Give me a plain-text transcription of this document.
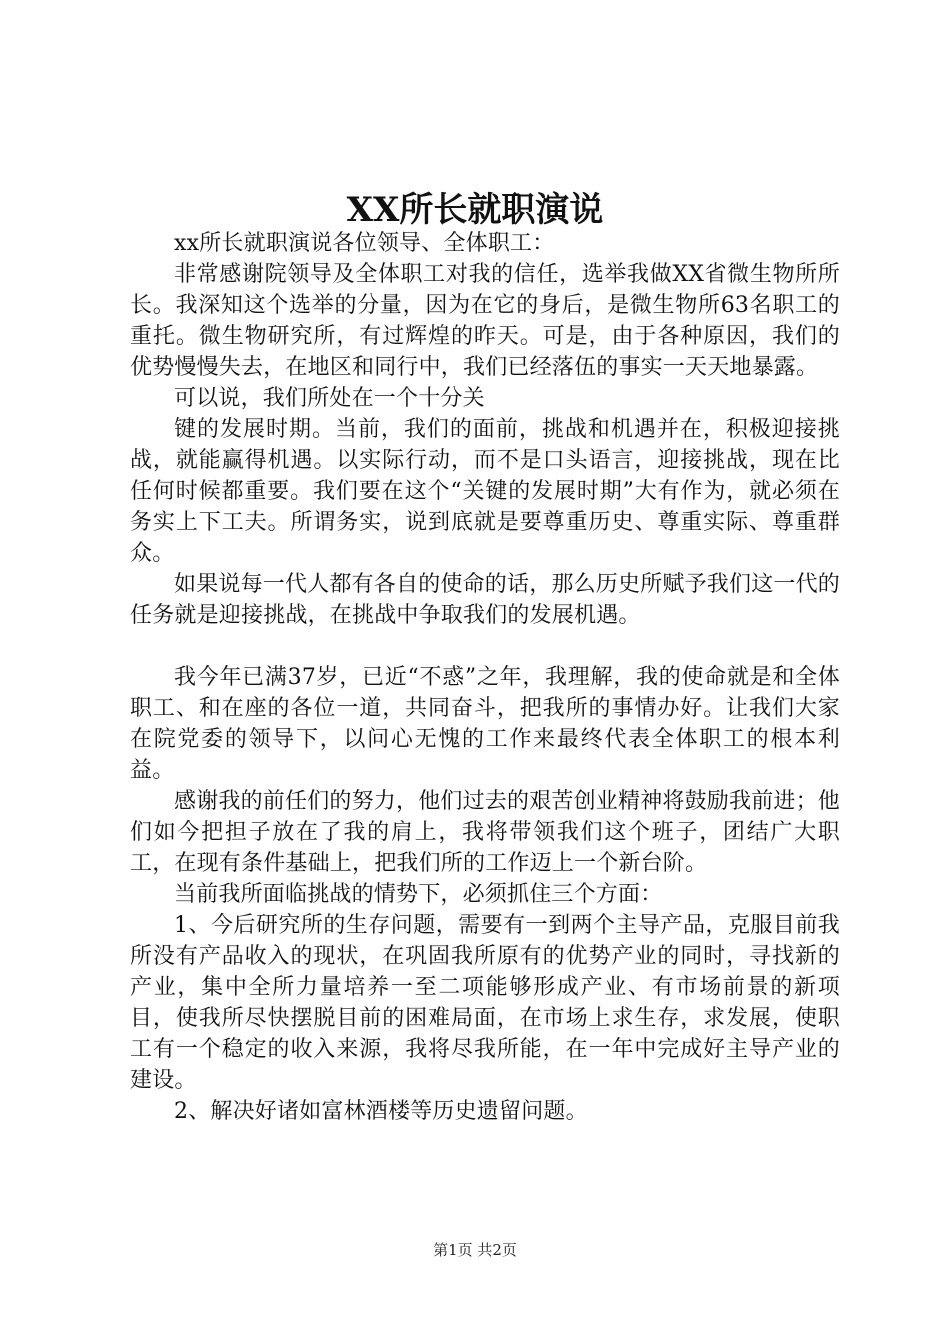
XX所长就职演说

xx所长就职演说各位领导、全体职工：

非常感谢院领导及全体职工对我的信任，选举我做XX省微生物所所长。我深知这个选举的分量，因为在它的身后，是微生物所63名职工的重托。微生物研究所，有过辉煌的昨天。可是，由于各种原因，我们的优势慢慢失去，在地区和同行中，我们已经落伍的事实一天天地暴露。

可以说，我们所处在一个十分关

键的发展时期。当前，我们的面前，挑战和机遇并在，积极迎接挑战，就能赢得机遇。以实际行动，而不是口头语言，迎接挑战，现在比任何时候都重要。我们要在这个“关键的发展时期”大有作为，就必须在务实上下工夫。所谓务实，说到底就是要尊重历史、尊重实际、尊重群众。

如果说每一代人都有各自的使命的话，那么历史所赋予我们这一代的任务就是迎接挑战，在挑战中争取我们的发展机遇。

我今年已满37岁，已近“不惑”之年，我理解，我的使命就是和全体职工、和在座的各位一道，共同奋斗，把我所的事情办好。让我们大家在院党委的领导下，以问心无愧的工作来最终代表全体职工的根本利益。

感谢我的前任们的努力，他们过去的艰苦创业精神将鼓励我前进；他们如今把担子放在了我的肩上，我将带领我们这个班子，团结广大职工，在现有条件基础上，把我们所的工作迈上一个新台阶。

当前我所面临挑战的情势下，必须抓住三个方面：

1、今后研究所的生存问题，需要有一到两个主导产品，克服目前我所没有产品收入的现状，在巩固我所原有的优势产业的同时，寻找新的产业，集中全所力量培养一至二项能够形成产业、有市场前景的新项目，使我所尽快摆脱目前的困难局面，在市场上求生存，求发展，使职工有一个稳定的收入来源，我将尽我所能，在一年中完成好主导产业的建设。

2、解决好诸如富林酒楼等历史遗留问题。

第1页 共2页
